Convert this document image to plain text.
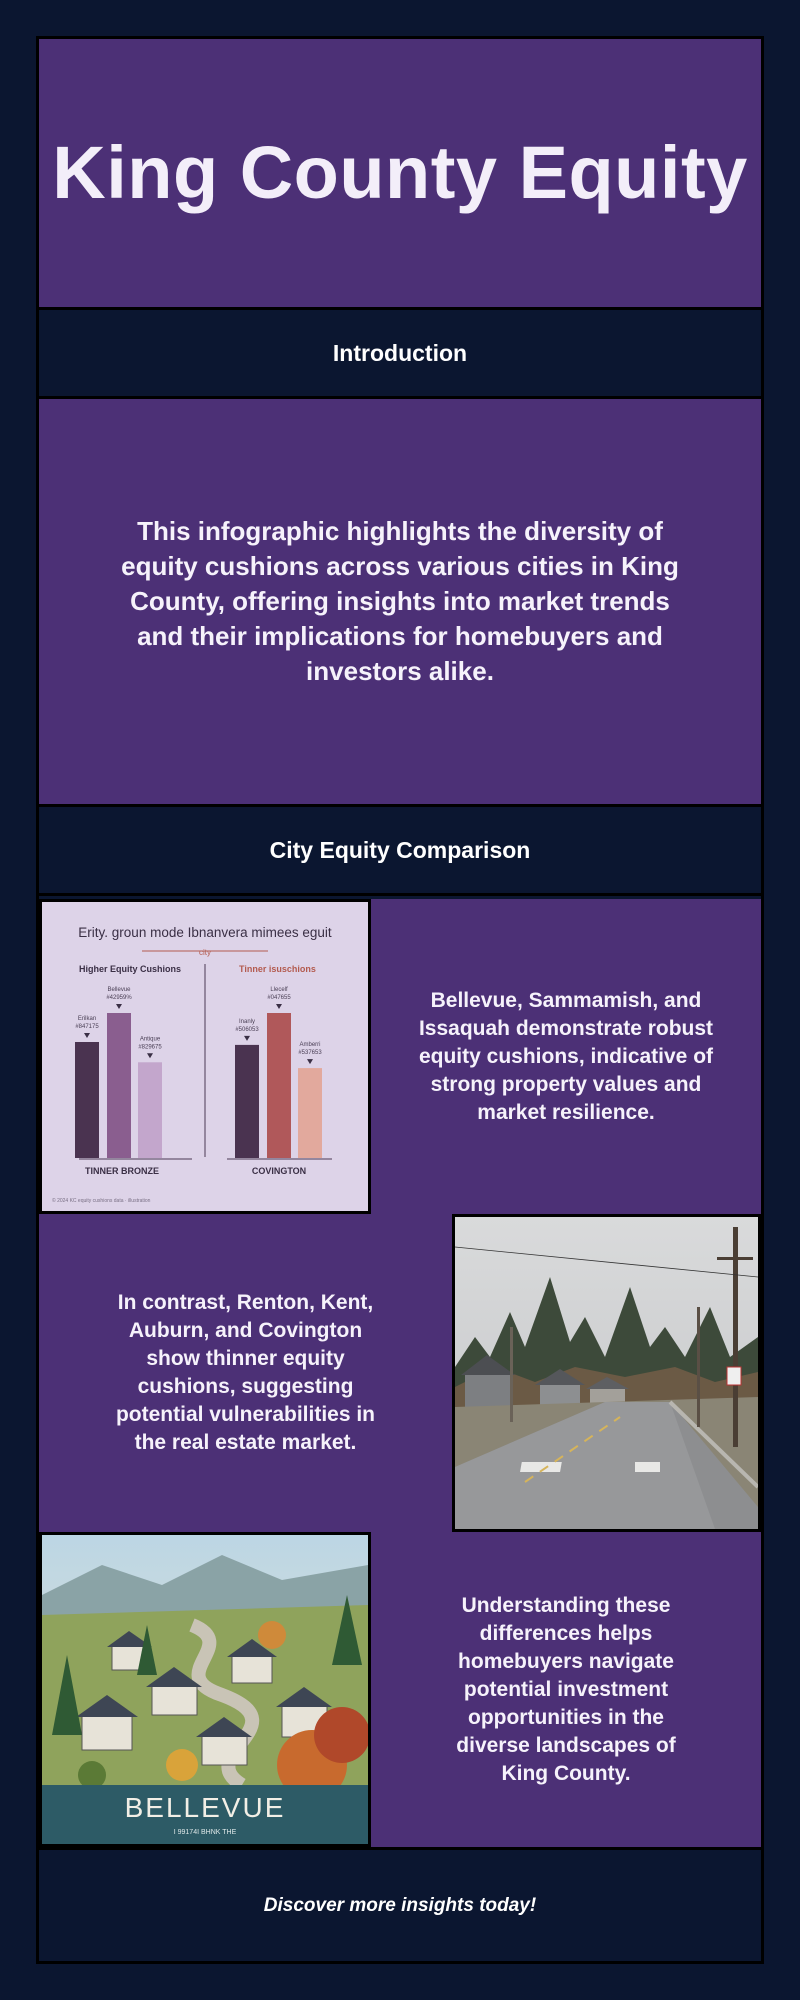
King County Equity
Introduction

This infographic highlights the diversity of equity cushions across various cities in King County, offering insights into market trends and their implications for homebuyers and investors alike.

City Equity Comparison
Erity. groun mode Ibnanvera mimees eguit
city
Higher Equity Cushions	Tinner isuschions
Erilkan
#847175
Bellevue
#42959%
Antique
#829675
Inanly
#506053
Llecelf
#047655
Amberri
#537653
TINNER BRONZE	COVINGTON
© 2024 KC equity cushions data · illustration

Bellevue, Sammamish, and Issaquah demonstrate robust equity cushions, indicative of strong property values and market resilience.

In contrast, Renton, Kent, Auburn, and Covington show thinner equity cushions, suggesting potential vulnerabilities in the real estate market.

BELLEVUE
I 99174I BHNK THE

Understanding these differences helps homebuyers navigate potential investment opportunities in the diverse landscapes of King County.

Discover more insights today!
